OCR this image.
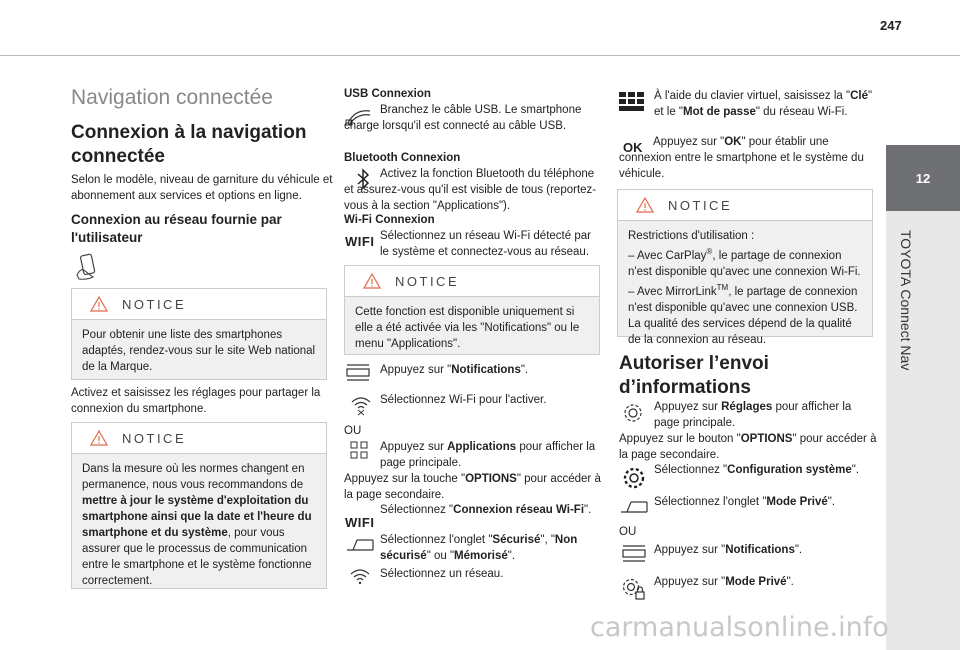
247
12
TOYOTA Connect Nav
Navigation connectée
Connexion à la navigation connectée
Selon le modèle, niveau de garniture du véhicule et abonnement aux services et options en ligne.
Connexion au réseau fournie par l'utilisateur
NOTICE
Pour obtenir une liste des smartphones adaptés, rendez-vous sur le site Web national de la Marque.
Activez et saisissez les réglages pour partager la connexion du smartphone.
NOTICE
Dans la mesure où les normes changent en permanence, nous vous recommandons de mettre à jour le système d'exploitation du smartphone ainsi que la date et l'heure du smartphone et du système, pour vous assurer que le processus de communication entre le smartphone et le système fonctionne correctement.
USB Connexion
Branchez le câble USB. Le smartphone charge lorsqu'il est connecté au câble USB.
Bluetooth Connexion
Activez la fonction Bluetooth du téléphone et assurez-vous qu'il est visible de tous (reportez-vous à la section "Applications").
Wi-Fi Connexion
WIFI Sélectionnez un réseau Wi-Fi détecté par le système et connectez-vous au réseau.
NOTICE
Cette fonction est disponible uniquement si elle a été activée via les "Notifications" ou le menu "Applications".
Appuyez sur "Notifications".
Sélectionnez Wi-Fi pour l'activer.
OU
Appuyez sur Applications pour afficher la page principale.
Appuyez sur la touche "OPTIONS" pour accéder à la page secondaire.
WIFI
Sélectionnez "Connexion réseau Wi-Fi".
Sélectionnez l'onglet "Sécurisé", "Non sécurisé" ou "Mémorisé".
Sélectionnez un réseau.
À l'aide du clavier virtuel, saisissez la "Clé" et le "Mot de passe" du réseau Wi-Fi.
OK Appuyez sur "OK" pour établir une connexion entre le smartphone et le système du véhicule.
NOTICE
Restrictions d'utilisation :
– Avec CarPlay®, le partage de connexion n'est disponible qu'avec une connexion Wi-Fi.
– Avec MirrorLink™, le partage de connexion n'est disponible qu'avec une connexion USB.
La qualité des services dépend de la qualité de la connexion au réseau.
Autoriser l’envoi d’informations
Appuyez sur Réglages pour afficher la page principale.
Appuyez sur le bouton "OPTIONS" pour accéder à la page secondaire.
Sélectionnez "Configuration système".
Sélectionnez l'onglet "Mode Privé".
OU
Appuyez sur "Notifications".
Appuyez sur "Mode Privé".
carmanualsonline.info
